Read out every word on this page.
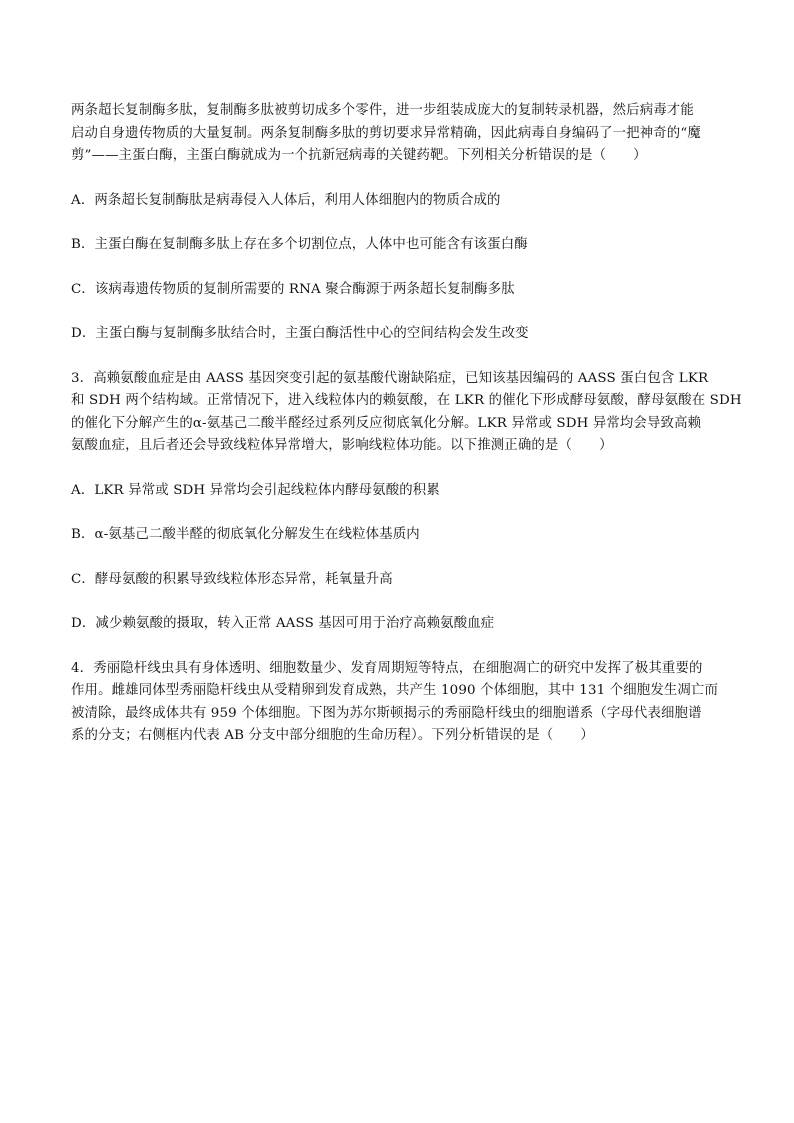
两条超长复制酶多肽，复制酶多肽被剪切成多个零件，进一步组装成庞大的复制转录机器，然后病毒才能
启动自身遗传物质的大量复制。两条复制酶多肽的剪切要求异常精确，因此病毒自身编码了一把神奇的“魔
剪”——主蛋白酶，主蛋白酶就成为一个抗新冠病毒的关键药靶。下列相关分析错误的是（　　）
A．两条超长复制酶肽是病毒侵入人体后，利用人体细胞内的物质合成的
B．主蛋白酶在复制酶多肽上存在多个切割位点，人体中也可能含有该蛋白酶
C．该病毒遗传物质的复制所需要的 RNA 聚合酶源于两条超长复制酶多肽
D．主蛋白酶与复制酶多肽结合时，主蛋白酶活性中心的空间结构会发生改变
3．高赖氨酸血症是由 AASS 基因突变引起的氨基酸代谢缺陷症，已知该基因编码的 AASS 蛋白包含 LKR
和 SDH 两个结构域。正常情况下，进入线粒体内的赖氨酸，在 LKR 的催化下形成酵母氨酸，酵母氨酸在 SDH
的催化下分解产生的α-氨基己二酸半醛经过系列反应彻底氧化分解。LKR 异常或 SDH 异常均会导致高赖
氨酸血症，且后者还会导致线粒体异常增大，影响线粒体功能。以下推测正确的是（　　）
A．LKR 异常或 SDH 异常均会引起线粒体内酵母氨酸的积累
B．α-氨基己二酸半醛的彻底氧化分解发生在线粒体基质内
C．酵母氨酸的积累导致线粒体形态异常，耗氧量升高
D．减少赖氨酸的摄取，转入正常 AASS 基因可用于治疗高赖氨酸血症
4．秀丽隐杆线虫具有身体透明、细胞数量少、发育周期短等特点，在细胞凋亡的研究中发挥了极其重要的
作用。雌雄同体型秀丽隐杆线虫从受精卵到发育成熟，共产生 1090 个体细胞，其中 131 个细胞发生凋亡而
被清除，最终成体共有 959 个体细胞。下图为苏尔斯顿揭示的秀丽隐杆线虫的细胞谱系（字母代表细胞谱
系的分支；右侧框内代表 AB 分支中部分细胞的生命历程）。下列分析错误的是（　　）
